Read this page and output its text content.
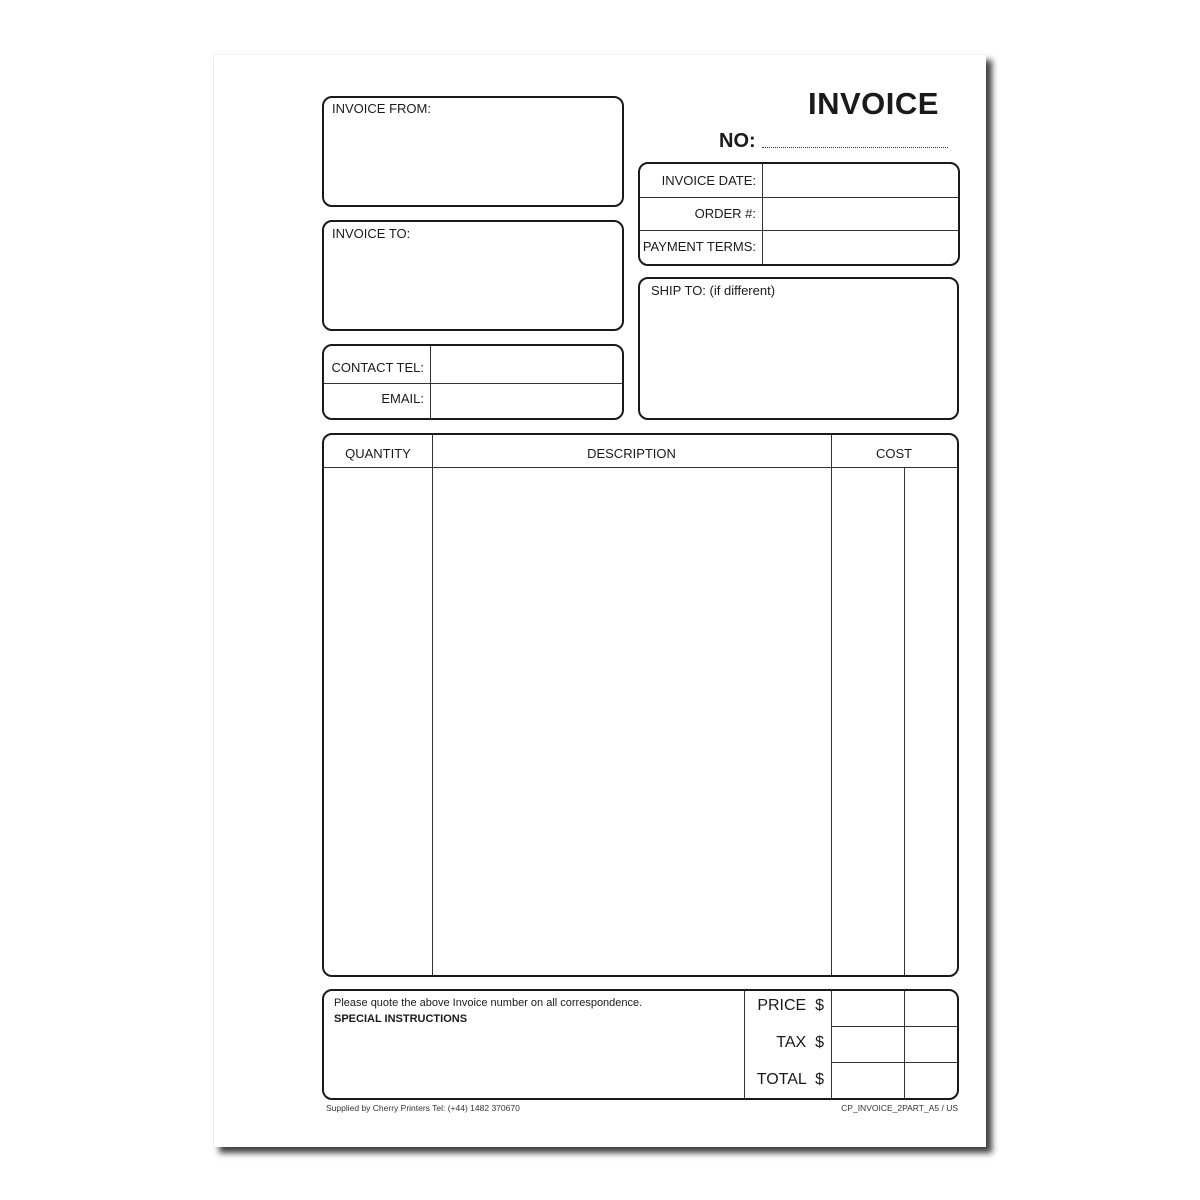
INVOICE
NO:
INVOICE FROM:
INVOICE TO:
CONTACT TEL:
EMAIL:
INVOICE DATE:
ORDER #:
PAYMENT TERMS:
SHIP TO: (if different)
QUANTITY	DESCRIPTION	COST
Please quote the above Invoice number on all correspondence.
SPECIAL INSTRUCTIONS
PRICE  $
TAX  $
TOTAL  $
Supplied by Cherry Printers Tel: (+44) 1482 370670	CP_INVOICE_2PART_A5 / US
